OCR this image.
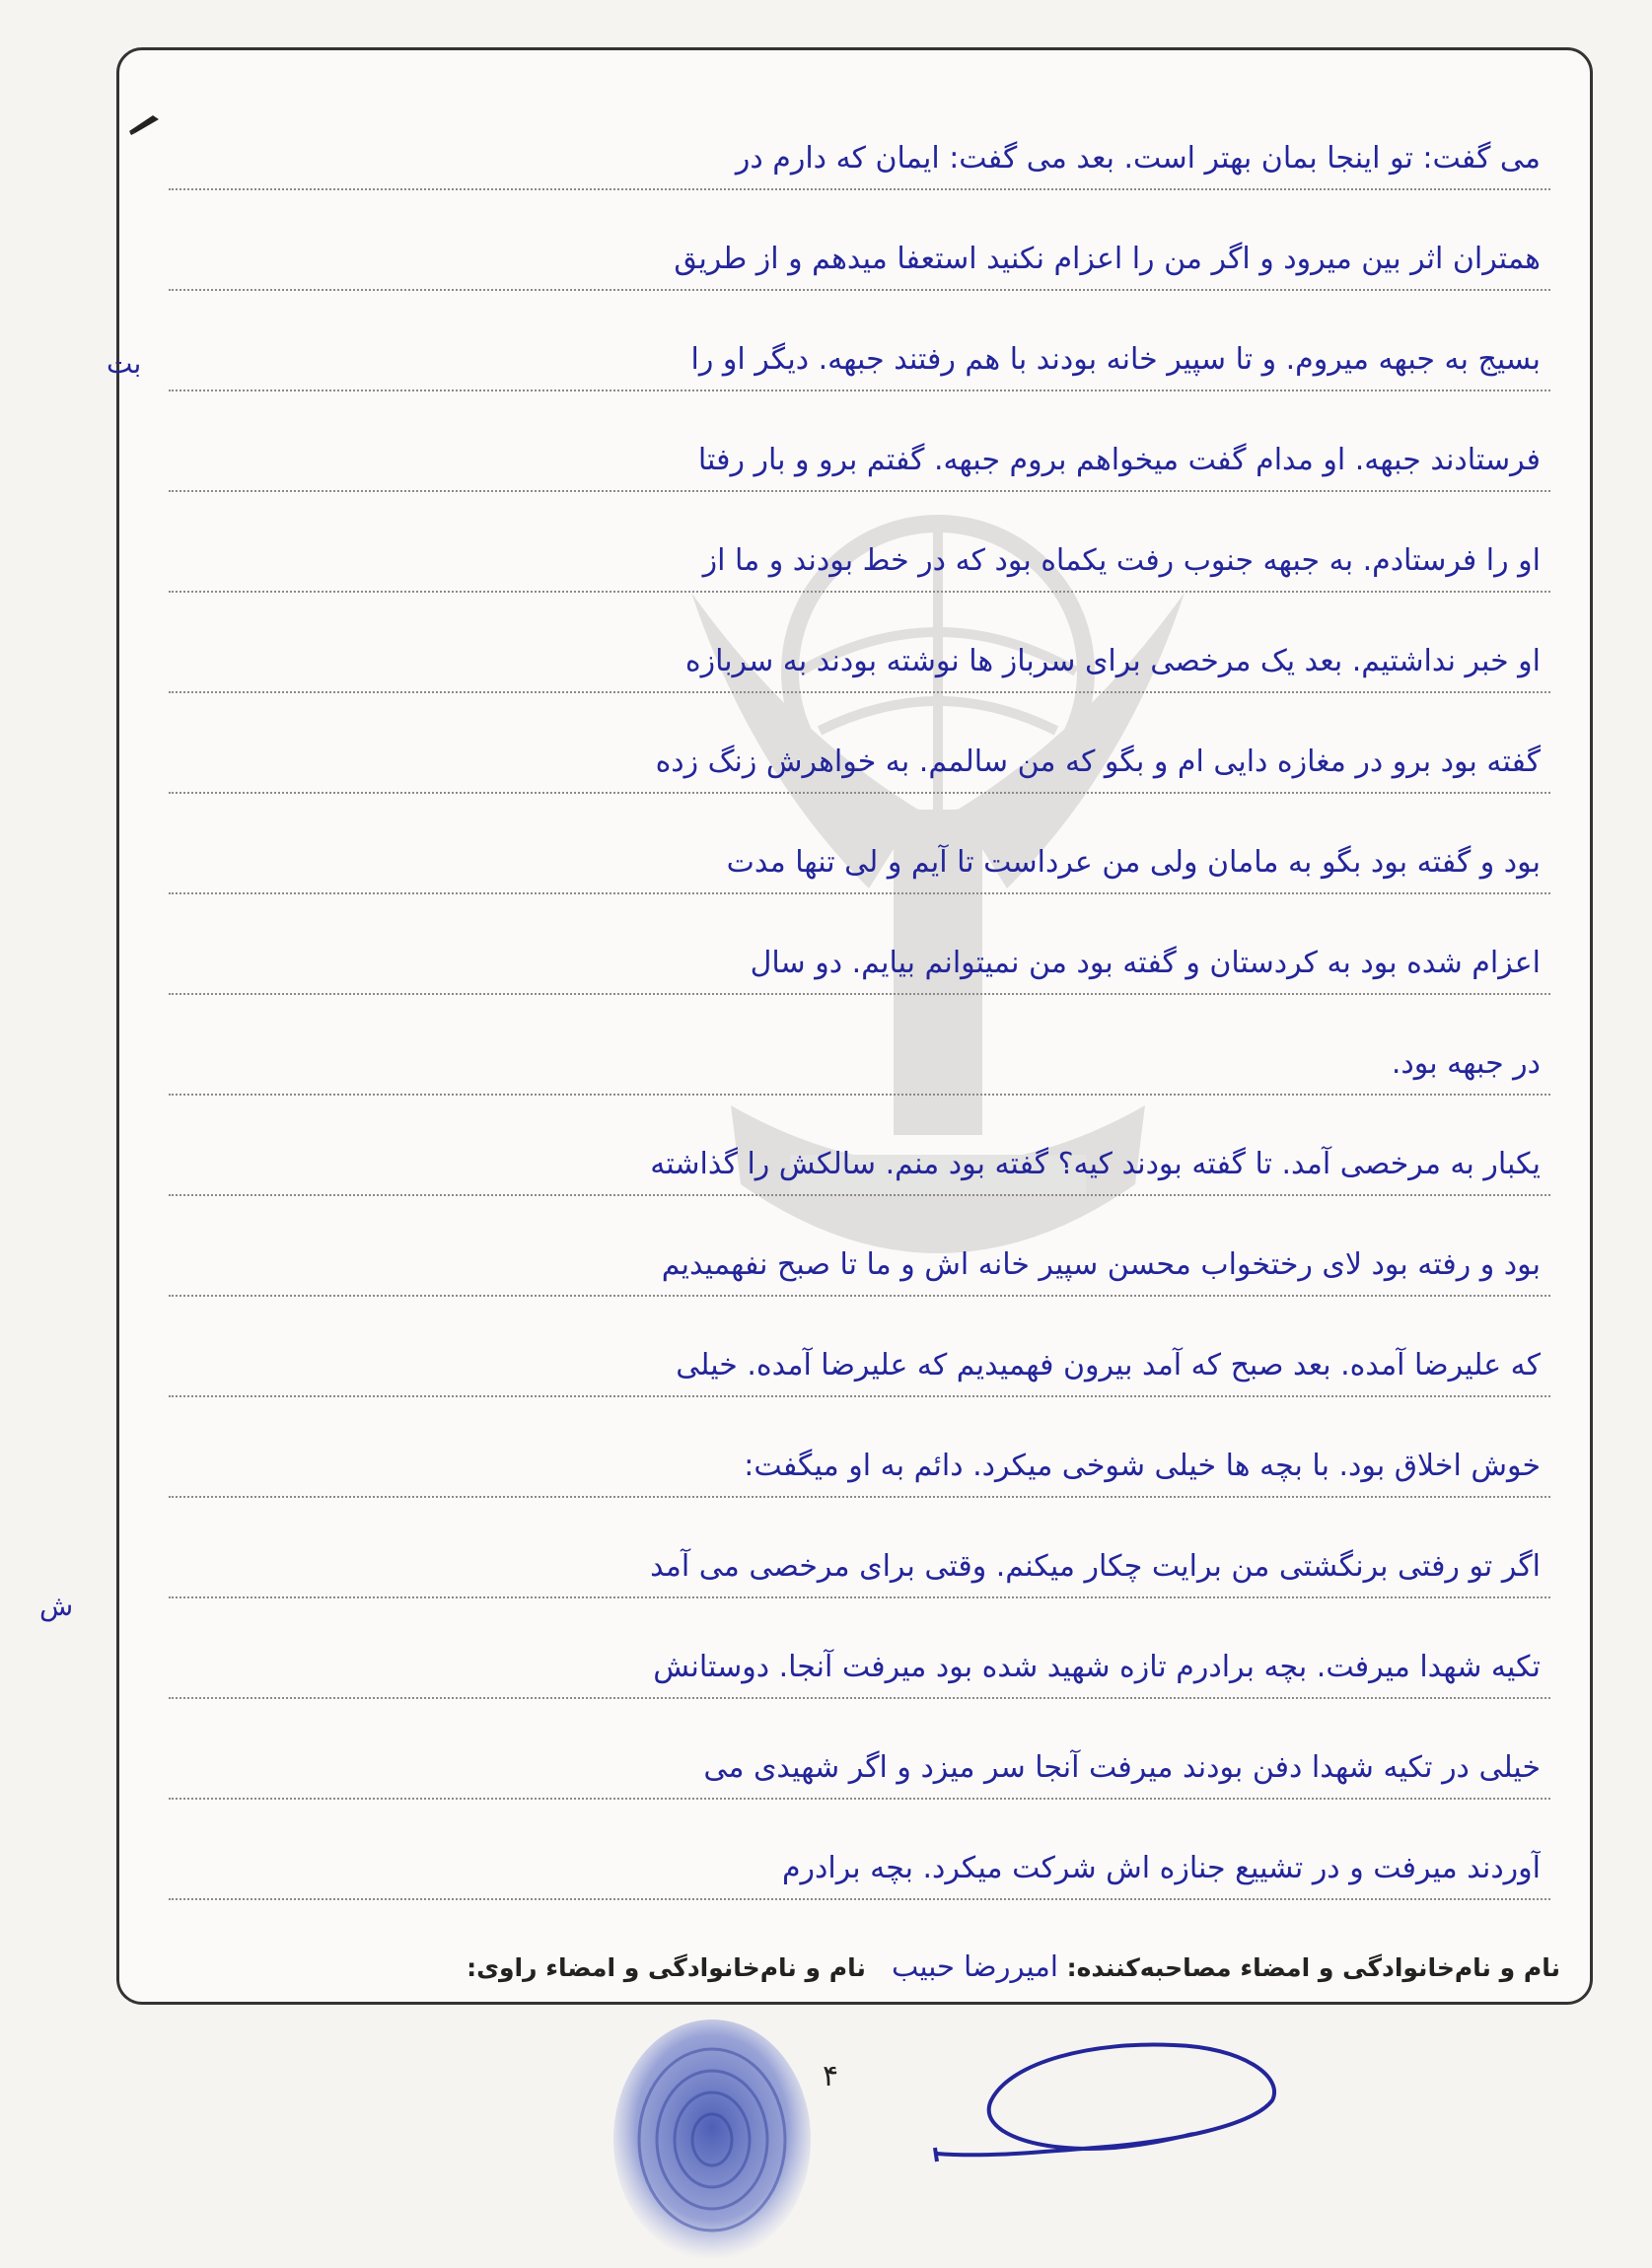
می گفت: تو اینجا بمان بهتر است. بعد می گفت: ایمان که دارم در
همتران اثر بین میرود و اگر من را اعزام نکنید استعفا میدهم و از طریق
بسیج به جبهه میروم. و تا سپیر خانه بودند با هم رفتند جبهه. دیگر او را
فرستادند جبهه. او مدام گفت میخواهم بروم جبهه. گفتم برو و بار رفتا
او را فرستادم. به جبهه جنوب رفت یکماه بود که در خط بودند و ما از
او خبر نداشتیم. بعد یک مرخصی برای سرباز ها نوشته بودند به سربازه
گفته بود برو در مغازه دایی ام و بگو که من سالمم. به خواهرش زنگ زده
بود و گفته بود بگو به مامان ولی من عرداست تا آیم و لی تنها مدت
اعزام شده بود به کردستان و گفته بود من نمیتوانم بیایم. دو سال
در جبهه بود.
یکبار به مرخصی آمد. تا گفته بودند کیه؟ گفته بود منم. سالکش را گذاشته
بود و رفته بود لای رختخواب محسن سپیر خانه اش و ما تا صبح نفهمیدیم
که علیرضا آمده. بعد صبح که آمد بیرون فهمیدیم که علیرضا آمده. خیلی
خوش اخلاق بود. با بچه ها خیلی شوخی میکرد. دائم به او میگفت:
اگر تو رفتی برنگشتی من برایت چکار میکنم. وقتی برای مرخصی می آمد
تکیه شهدا میرفت. بچه برادرم تازه شهید شده بود میرفت آنجا. دوستانش
خیلی در تکیه شهدا دفن بودند میرفت آنجا سر میزد و اگر شهیدی می
آوردند میرفت و در تشییع جنازه اش شرکت میکرد. بچه برادرم
نام و نام‌خانوادگی و امضاء مصاحبه‌کننده: امیررضا حبیب   نام و نام‌خانوادگی و امضاء راوی:
بت
ش
۴
